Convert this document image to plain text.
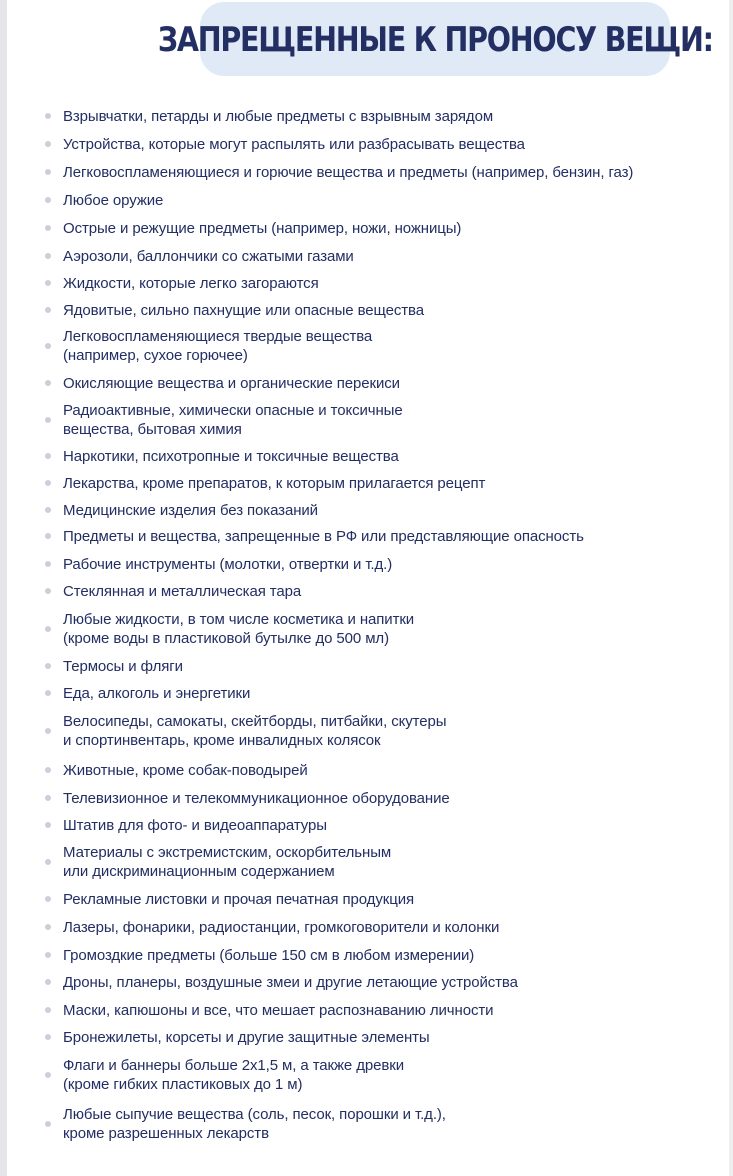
ЗАПРЕЩЕННЫЕ К ПРОНОСУ ВЕЩИ:
Взрывчатки, петарды и любые предметы с взрывным зарядом
Устройства, которые могут распылять или разбрасывать вещества
Легковоспламеняющиеся и горючие вещества и предметы (например, бензин, газ)
Любое оружие
Острые и режущие предметы (например, ножи, ножницы)
Аэрозоли, баллончики со сжатыми газами
Жидкости, которые легко загораются
Ядовитые, сильно пахнущие или опасные вещества
Легковоспламеняющиеся твердые вещества
(например, сухое горючее)
Окисляющие вещества и органические перекиси
Радиоактивные, химически опасные и токсичные
вещества, бытовая химия
Наркотики, психотропные и токсичные вещества
Лекарства, кроме препаратов, к которым прилагается рецепт
Медицинские изделия без показаний
Предметы и вещества, запрещенные в РФ или представляющие опасность
Рабочие инструменты (молотки, отвертки и т.д.)
Стеклянная и металлическая тара
Любые жидкости, в том числе косметика и напитки
(кроме воды в пластиковой бутылке до 500 мл)
Термосы и фляги
Еда, алкоголь и энергетики
Велосипеды, самокаты, скейтборды, питбайки, скутеры
и спортинвентарь, кроме инвалидных колясок
Животные, кроме собак-поводырей
Телевизионное и телекоммуникационное оборудование
Штатив для фото- и видеоаппаратуры
Материалы с экстремистским, оскорбительным
или дискриминационным содержанием
Рекламные листовки и прочая печатная продукция
Лазеры, фонарики, радиостанции, громкоговорители и колонки
Громоздкие предметы (больше 150 см в любом измерении)
Дроны, планеры, воздушные змеи и другие летающие устройства
Маски, капюшоны и все, что мешает распознаванию личности
Бронежилеты, корсеты и другие защитные элементы
Флаги и баннеры больше 2х1,5 м, а также древки
(кроме гибких пластиковых до 1 м)
Любые сыпучие вещества (соль, песок, порошки и т.д.),
кроме разрешенных лекарств
